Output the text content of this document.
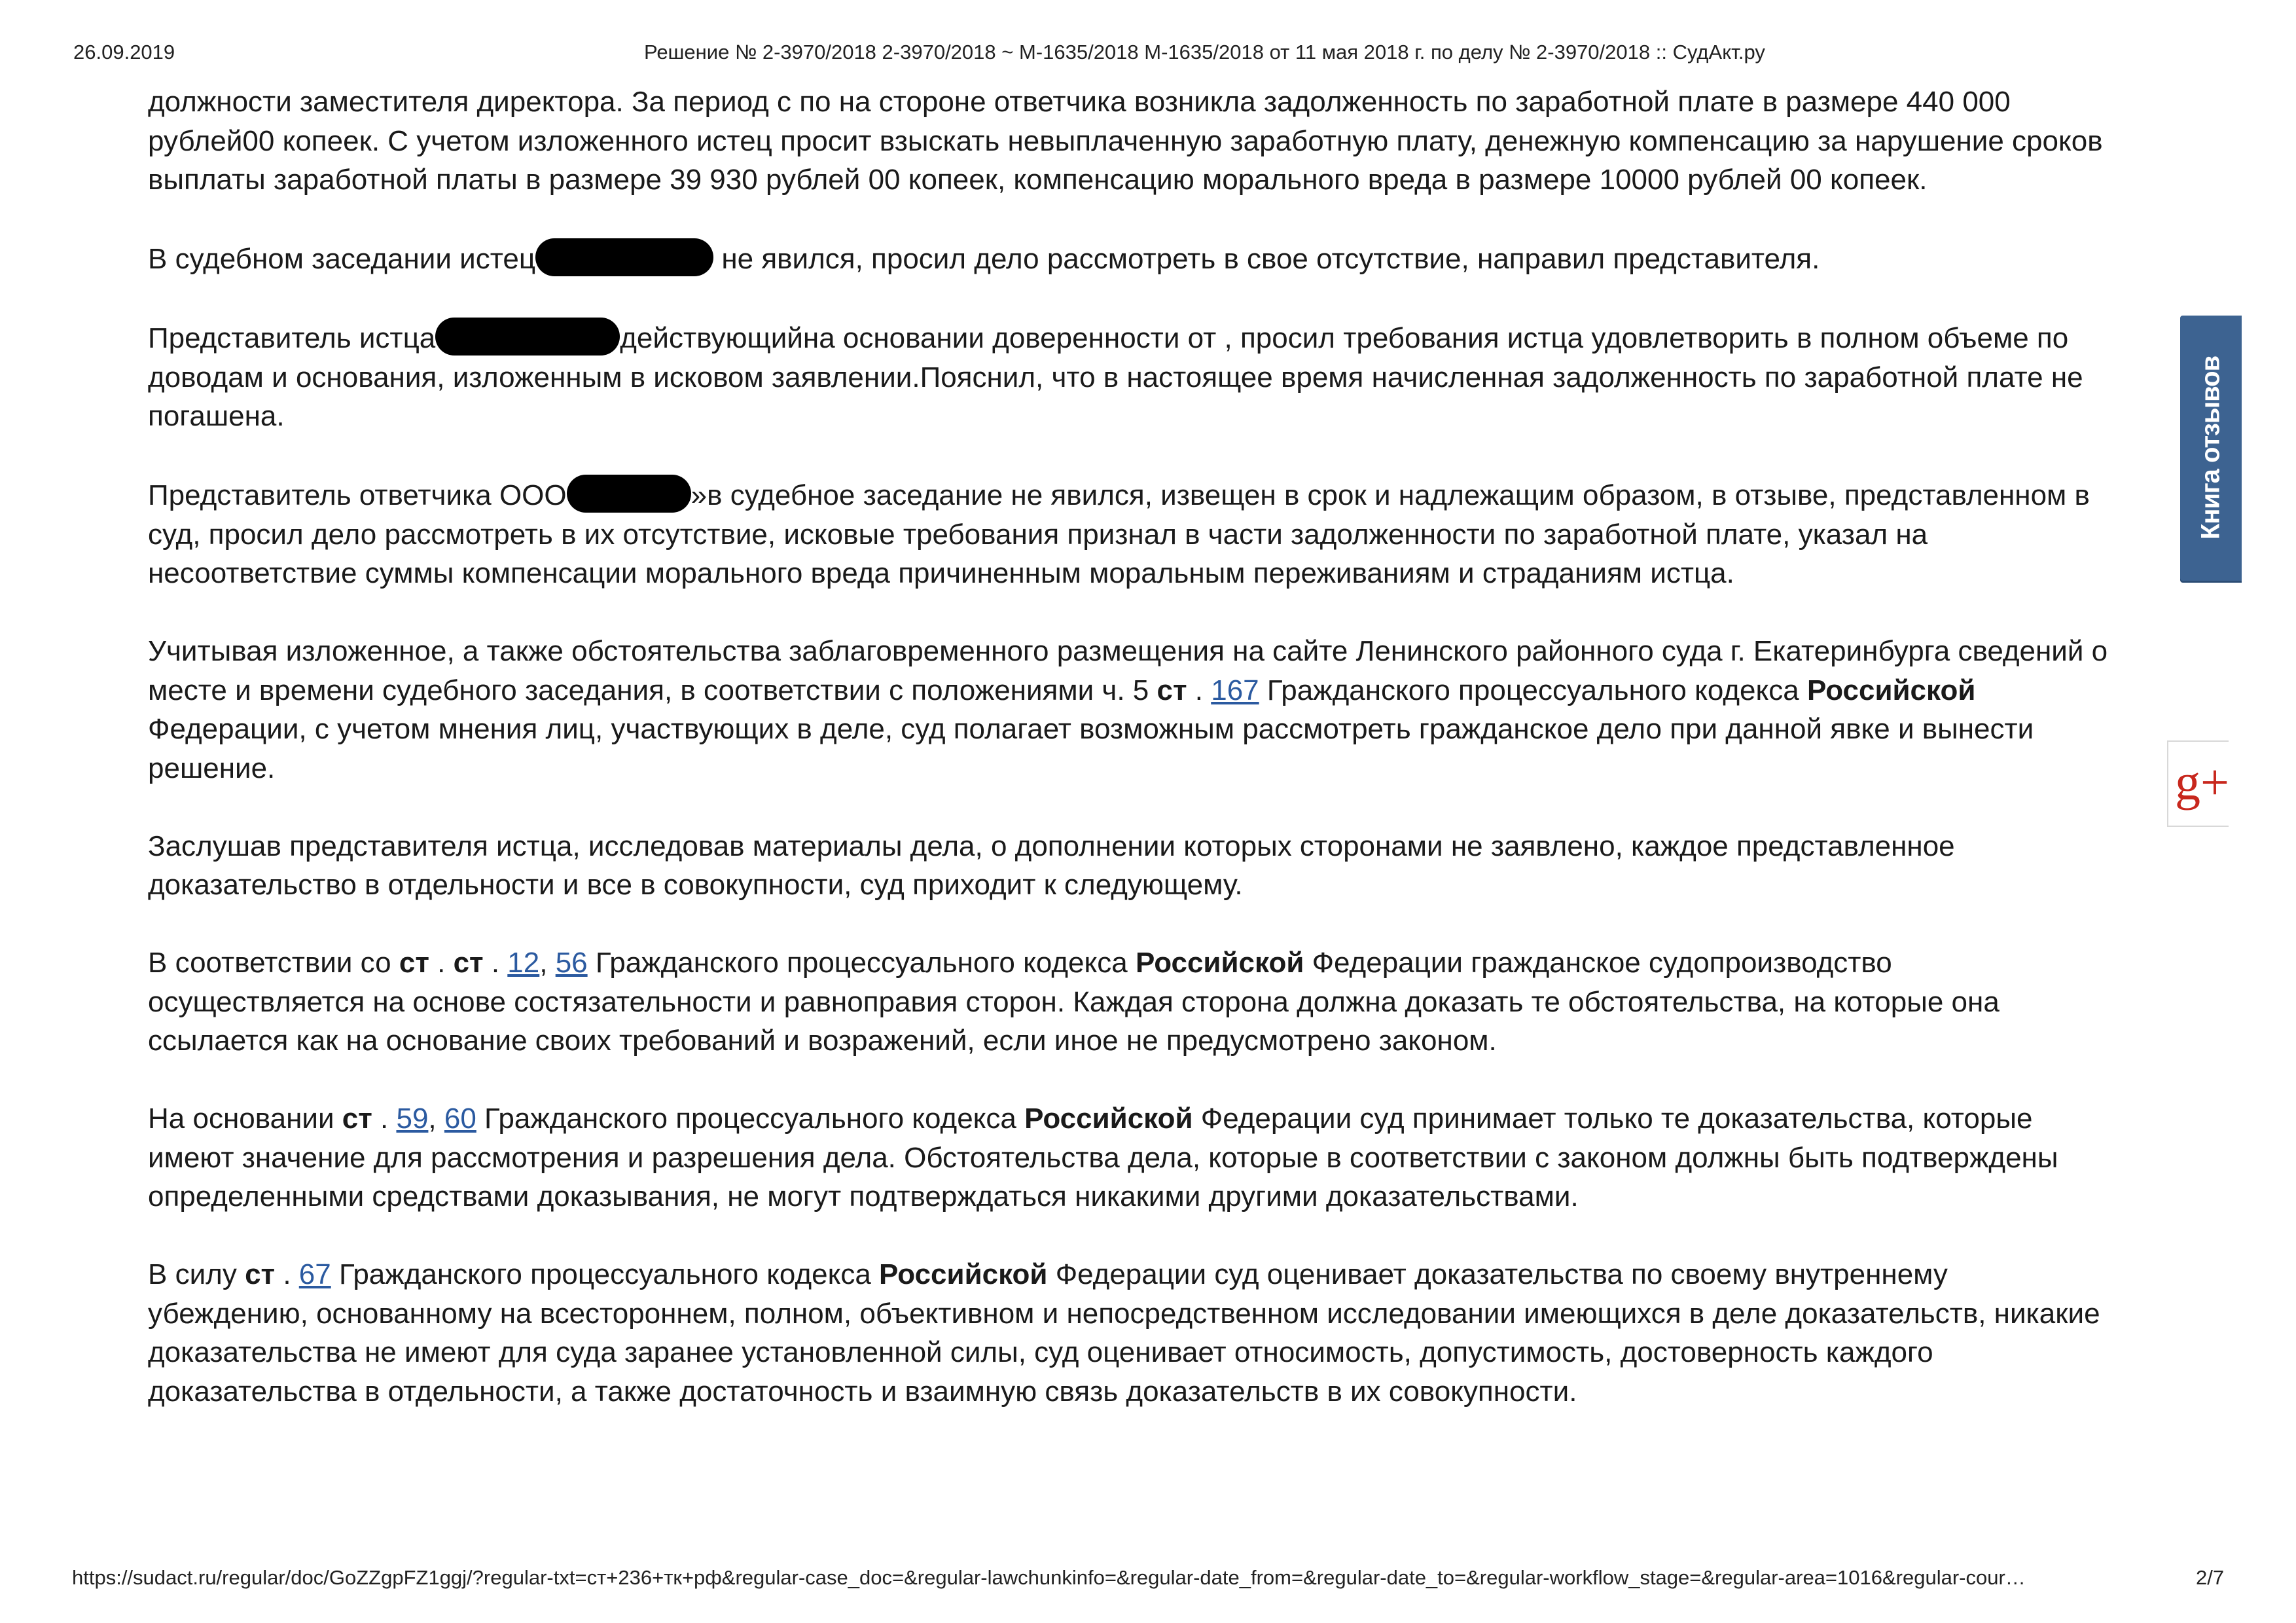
26.09.2019	Решение № 2-3970/2018 2-3970/2018 ~ М-1635/2018 М-1635/2018 от 11 мая 2018 г. по делу № 2-3970/2018 :: СудАкт.ру

должности заместителя директора. За период с по на стороне ответчика возникла задолженность по заработной плате в размере 440 000 рублей00 копеек. С учетом изложенного истец просит взыскать невыплаченную заработную плату, денежную компенсацию за нарушение сроков выплаты заработной платы в размере 39 930 рублей 00 копеек, компенсацию морального вреда в размере 10000 рублей 00 копеек.

В судебном заседании истец	не явился, просил дело рассмотреть в свое отсутствие, направил представителя.

Представитель истца	действующийна основании доверенности от , просил требования истца удовлетворить в полном объеме по доводам и основания, изложенным в исковом заявлении.Пояснил, что в настоящее время начисленная задолженность по заработной плате не погашена.

Представитель ответчика ООО	»в судебное заседание не явился, извещен в срок и надлежащим образом, в отзыве, представленном в суд, просил дело рассмотреть в их отсутствие, исковые требования признал в части задолженности по заработной плате, указал на несоответствие суммы компенсации морального вреда причиненным моральным переживаниям и страданиям истца.

Учитывая изложенное, а также обстоятельства заблаговременного размещения на сайте Ленинского районного суда г. Екатеринбурга сведений о месте и времени судебного заседания, в соответствии с положениями ч. 5 ст . 167 Гражданского процессуального кодекса Российской Федерации, с учетом мнения лиц, участвующих в деле, суд полагает возможным рассмотреть гражданское дело при данной явке и вынести решение.

Заслушав представителя истца, исследовав материалы дела, о дополнении которых сторонами не заявлено, каждое представленное доказательство в отдельности и все в совокупности, суд приходит к следующему.

В соответствии со ст . ст . 12, 56 Гражданского процессуального кодекса Российской Федерации гражданское судопроизводство осуществляется на основе состязательности и равноправия сторон. Каждая сторона должна доказать те обстоятельства, на которые она ссылается как на основание своих требований и возражений, если иное не предусмотрено законом.

На основании ст . 59, 60 Гражданского процессуального кодекса Российской Федерации суд принимает только те доказательства, которые имеют значение для рассмотрения и разрешения дела. Обстоятельства дела, которые в соответствии с законом должны быть подтверждены определенными средствами доказывания, не могут подтверждаться никакими другими доказательствами.

В силу ст . 67 Гражданского процессуального кодекса Российской Федерации суд оценивает доказательства по своему внутреннему убеждению, основанному на всестороннем, полном, объективном и непосредственном исследовании имеющихся в деле доказательств, никакие доказательства не имеют для суда заранее установленной силы, суд оценивает относимость, допустимость, достоверность каждого доказательства в отдельности, а также достаточность и взаимную связь доказательств в их совокупности.

Книга отзывов
g+
https://sudact.ru/regular/doc/GoZZgpFZ1ggj/?regular-txt=ст+236+тк+рф&regular-case_doc=&regular-lawchunkinfo=&regular-date_from=&regular-date_to=&regular-workflow_stage=&regular-area=1016&regular-cour…	2/7
